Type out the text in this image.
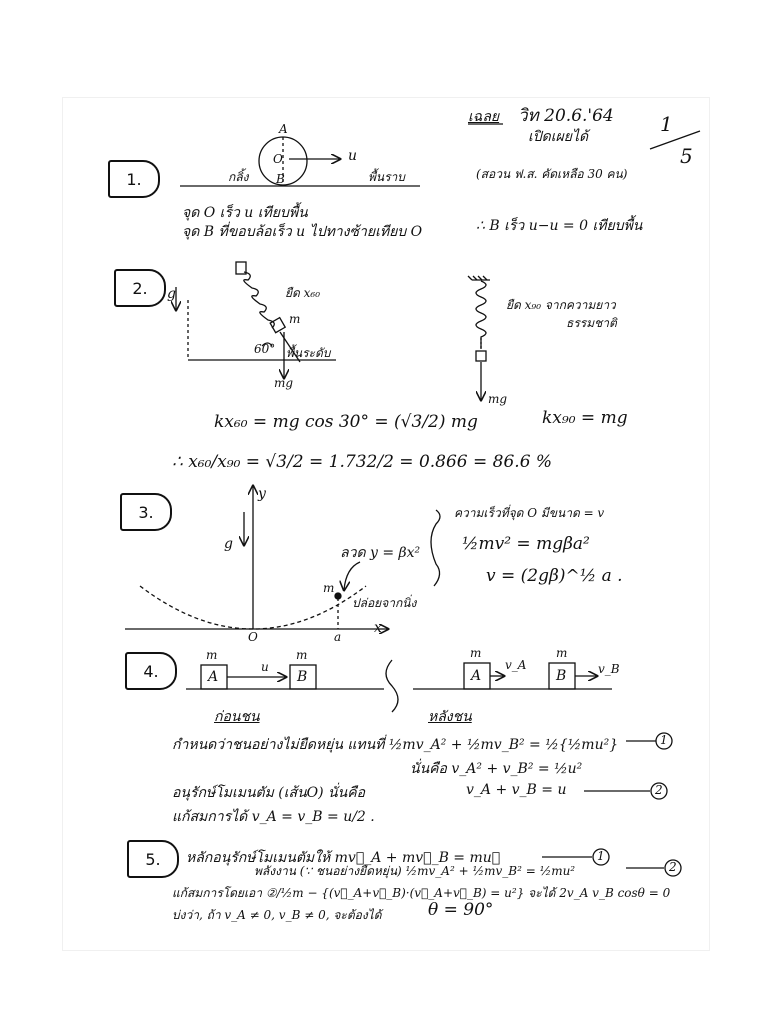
เฉลย วิท 20.6.'64
เปิดเผยได้
1
5
(สอวน ฟ.ส. คัดเหลือ 30 คน)
1.
A
O
B
u
กลิ้ง	พื้นราบ
จุด O เร็ว u เทียบพื้น
จุด B ที่ขอบล้อเร็ว u ไปทางซ้ายเทียบ O	∴ B เร็ว u−u = 0 เทียบพื้น
2.	g	ยืด x₆₀
m
60° พื้นระดับ
mg
ยืด x₉₀ จากความยาว
ธรรมชาติ
mg
kx₆₀ = mg cos 30° = (√3/2) mg	kx₉₀ = mg
∴ x₆₀/x₉₀ = √3/2 = 1.732/2 = 0.866 = 86.6 %
3.
y
g
ลวด y = βx²
m
ปล่อยจากนิ่ง
O	a
x
ความเร็วที่จุด O มีขนาด = v
½mv² = mgβa²
v = (2gβ)^½ a .
4.
m
u
m
A	B
m
v_A
m
v_B
A	B
ก่อนชน	หลังชน
กำหนดว่าชนอย่างไม่ยืดหยุ่น แทนที่ ½mv_A² + ½mv_B² = ½{½mu²}	1
นั่นคือ v_A² + v_B² = ½u²
อนุรักษ์โมเมนตัม (เส้นO) นั่นคือ	v_A + v_B = u	2
แก้สมการได้ v_A = v_B = u/2 .
5.	หลักอนุรักษ์โมเมนตัมให้ mv⃗_A + mv⃗_B = mu⃗	1
พลังงาน (∵ ชนอย่างยืดหยุ่น) ½mv_A² + ½mv_B² = ½mu²	2
แก้สมการโดยเอา ②/½m − {(v⃗_A+v⃗_B)·(v⃗_A+v⃗_B) = u²} จะได้ 2v_A v_B cosθ = 0
บ่งว่า, ถ้า v_A ≠ 0, v_B ≠ 0, จะต้องได้	θ = 90°
